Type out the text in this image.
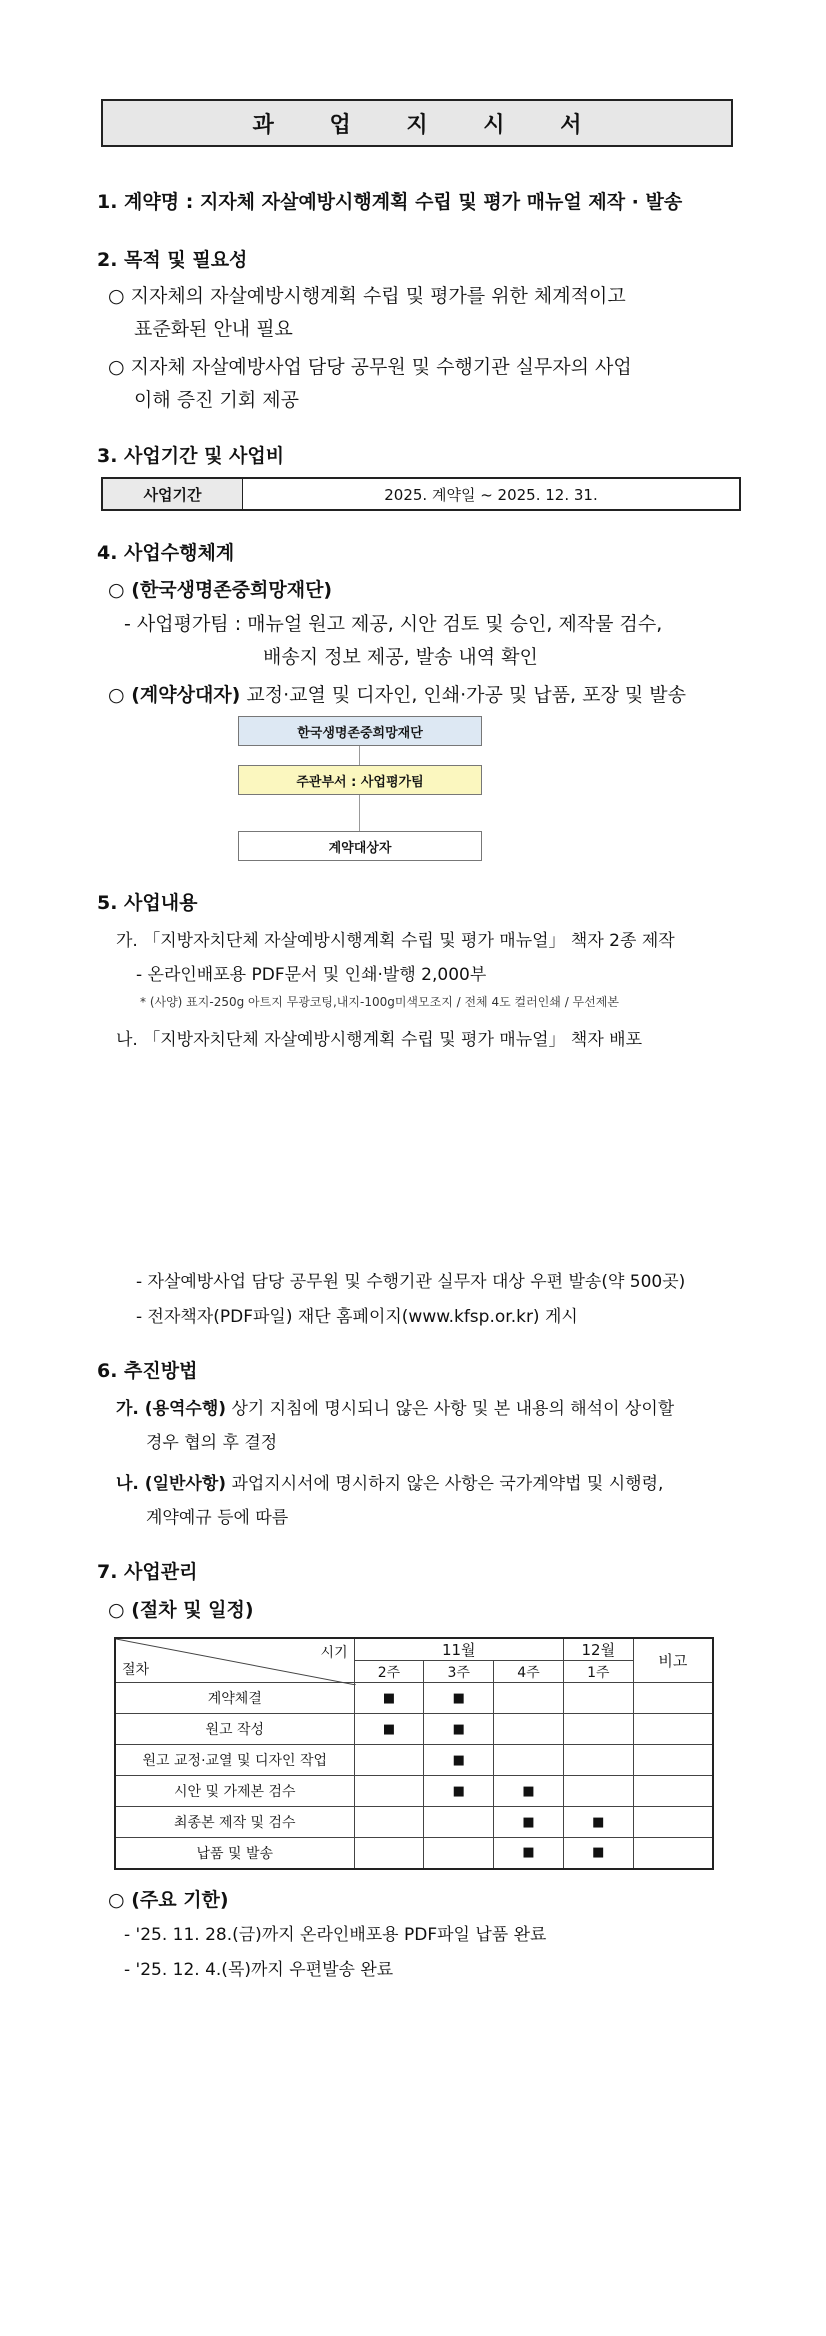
과 업 지 시 서
1. 계약명 : 지자체 자살예방시행계획 수립 및 평가 매뉴얼 제작 · 발송
2. 목적 및 필요성
○ 지자체의 자살예방시행계획 수립 및 평가를 위한 체계적이고
표준화된 안내 필요
○ 지자체 자살예방사업 담당 공무원 및 수행기관 실무자의 사업
이해 증진 기회 제공
3. 사업기간 및 사업비
사업기간	2025. 계약일 ~ 2025. 12. 31.
4. 사업수행체계
○ (한국생명존중희망재단)
- 사업평가팀 : 매뉴얼 원고 제공, 시안 검토 및 승인, 제작물 검수,
배송지 정보 제공, 발송 내역 확인
○ (계약상대자) 교정·교열 및 디자인, 인쇄·가공 및 납품, 포장 및 발송
한국생명존중희망재단
주관부서 : 사업평가팀
계약대상자
5. 사업내용
가. 「지방자치단체 자살예방시행계획 수립 및 평가 매뉴얼」 책자 2종 제작
- 온라인배포용 PDF문서 및 인쇄·발행 2,000부
* (사양) 표지-250g 아트지 무광코팅,내지-100g미색모조지 / 전체 4도 컬러인쇄 / 무선제본
나. 「지방자치단체 자살예방시행계획 수립 및 평가 매뉴얼」 책자 배포
- 자살예방사업 담당 공무원 및 수행기관 실무자 대상 우편 발송(약 500곳)
- 전자책자(PDF파일) 재단 홈페이지(www.kfsp.or.kr) 게시
6. 추진방법
가. (용역수행) 상기 지침에 명시되니 않은 사항 및 본 내용의 해석이 상이할
경우 협의 후 결정
나. (일반사항) 과업지시서에 명시하지 않은 사항은 국가계약법 및 시행령,
계약예규 등에 따름
7. 사업관리
○ (절차 및 일정)
시기
절차	11월			12월	비고
	2주	3주	4주	1주	
계약체결	■	■			
원고 작성	■	■			
원고 교정·교열 및 디자인 작업		■			
시안 및 가제본 검수		■	■		
최종본 제작 및 검수			■	■	
납품 및 발송			■	■	
○ (주요 기한)
- '25. 11. 28.(금)까지 온라인배포용 PDF파일 납품 완료
- '25. 12. 4.(목)까지 우편발송 완료
